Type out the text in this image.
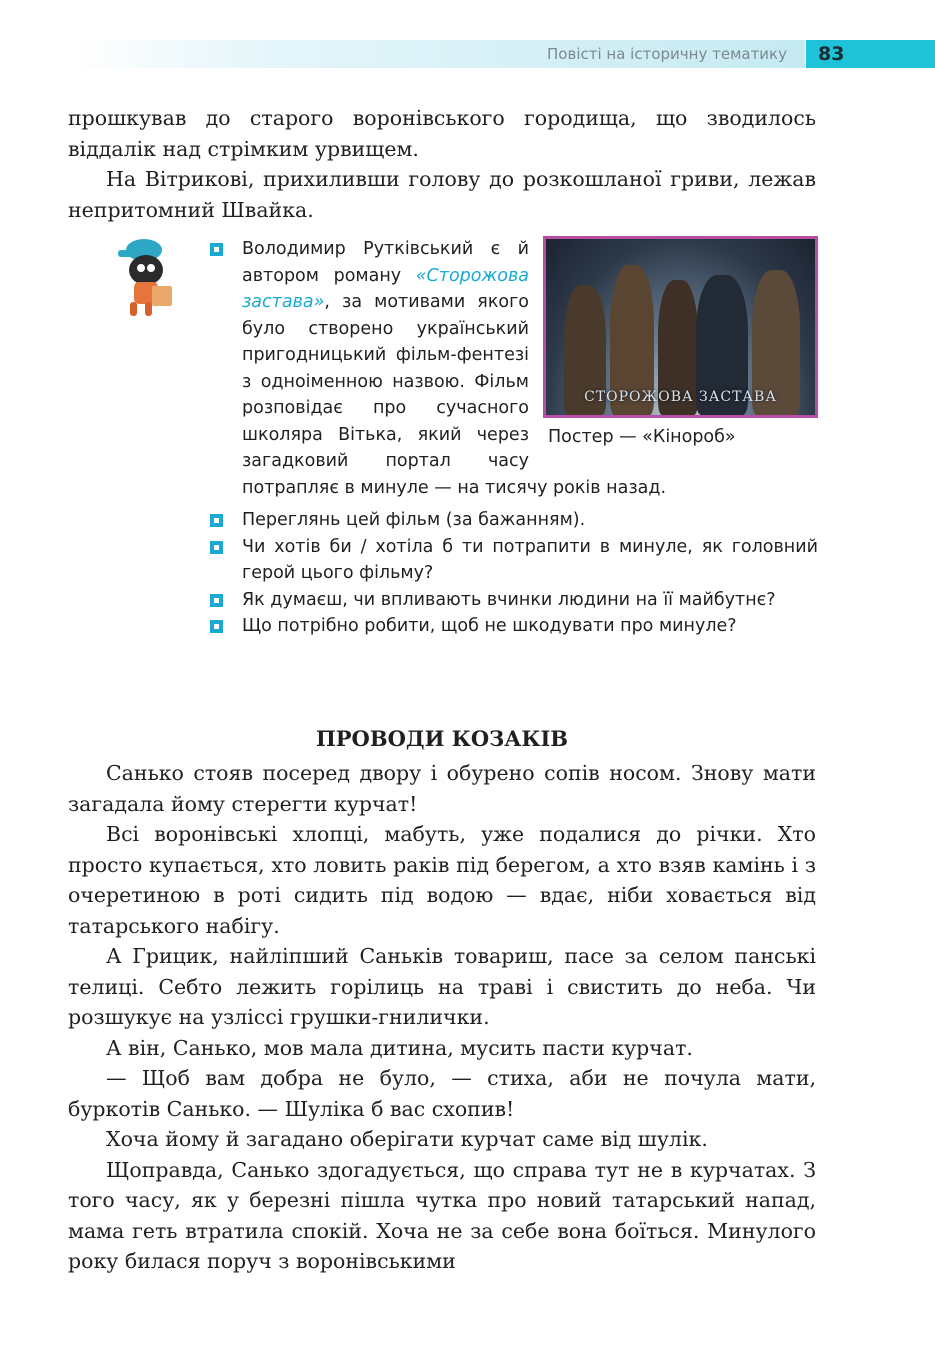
Повісті на історичну тематику	83

прошкував до старого воронівського городища, що зводилось віддалік над стрімким урвищем.

На Вітрикові, прихиливши голову до розкошланої гриви, лежав непритомний Швайка.

СТОРОЖОВА ЗАСТАВА
Постер — «Кінороб»
Володимир Рутківський є й автором роману «Сторожова застава», за мотивами якого було створено український пригодницький фільм-фентезі з одноіменною назвою. Фільм розповідає про сучасного школяра Вітька, який через загадковий портал часу потрапляє в минуле — на тисячу років назад.
Переглянь цей фільм (за бажанням).
Чи хотів би / хотіла б ти потрапити в минуле, як головний герой цього фільму?
Як думаєш, чи впливають вчинки людини на її майбутнє?
Що потрібно робити, щоб не шкодувати про минуле?
ПРОВОДИ КОЗАКІВ

Санько стояв посеред двору і обурено сопів носом. Знову мати загадала йому стерегти курчат!

Всі воронівські хлопці, мабуть, уже подалися до річки. Хто просто купається, хто ловить раків під берегом, а хто взяв камінь і з очеретиною в роті сидить під водою — вдає, ніби ховається від татарського набігу.

А Грицик, найліпший Саньків товариш, пасе за селом панські телиці. Себто лежить горілиць на траві і свистить до неба. Чи розшукує на узліссі грушки-гнилички.

А він, Санько, мов мала дитина, мусить пасти курчат.

— Щоб вам добра не було, — стиха, аби не почула мати, буркотів Санько. — Шуліка б вас схопив!

Хоча йому й загадано оберігати курчат саме від шулік.

Щоправда, Санько здогадується, що справа тут не в курчатах. З того часу, як у березні пішла чутка про новий татарський напад, мама геть втратила спокій. Хоча не за себе вона боїться. Минулого року билася поруч з воронівськими
